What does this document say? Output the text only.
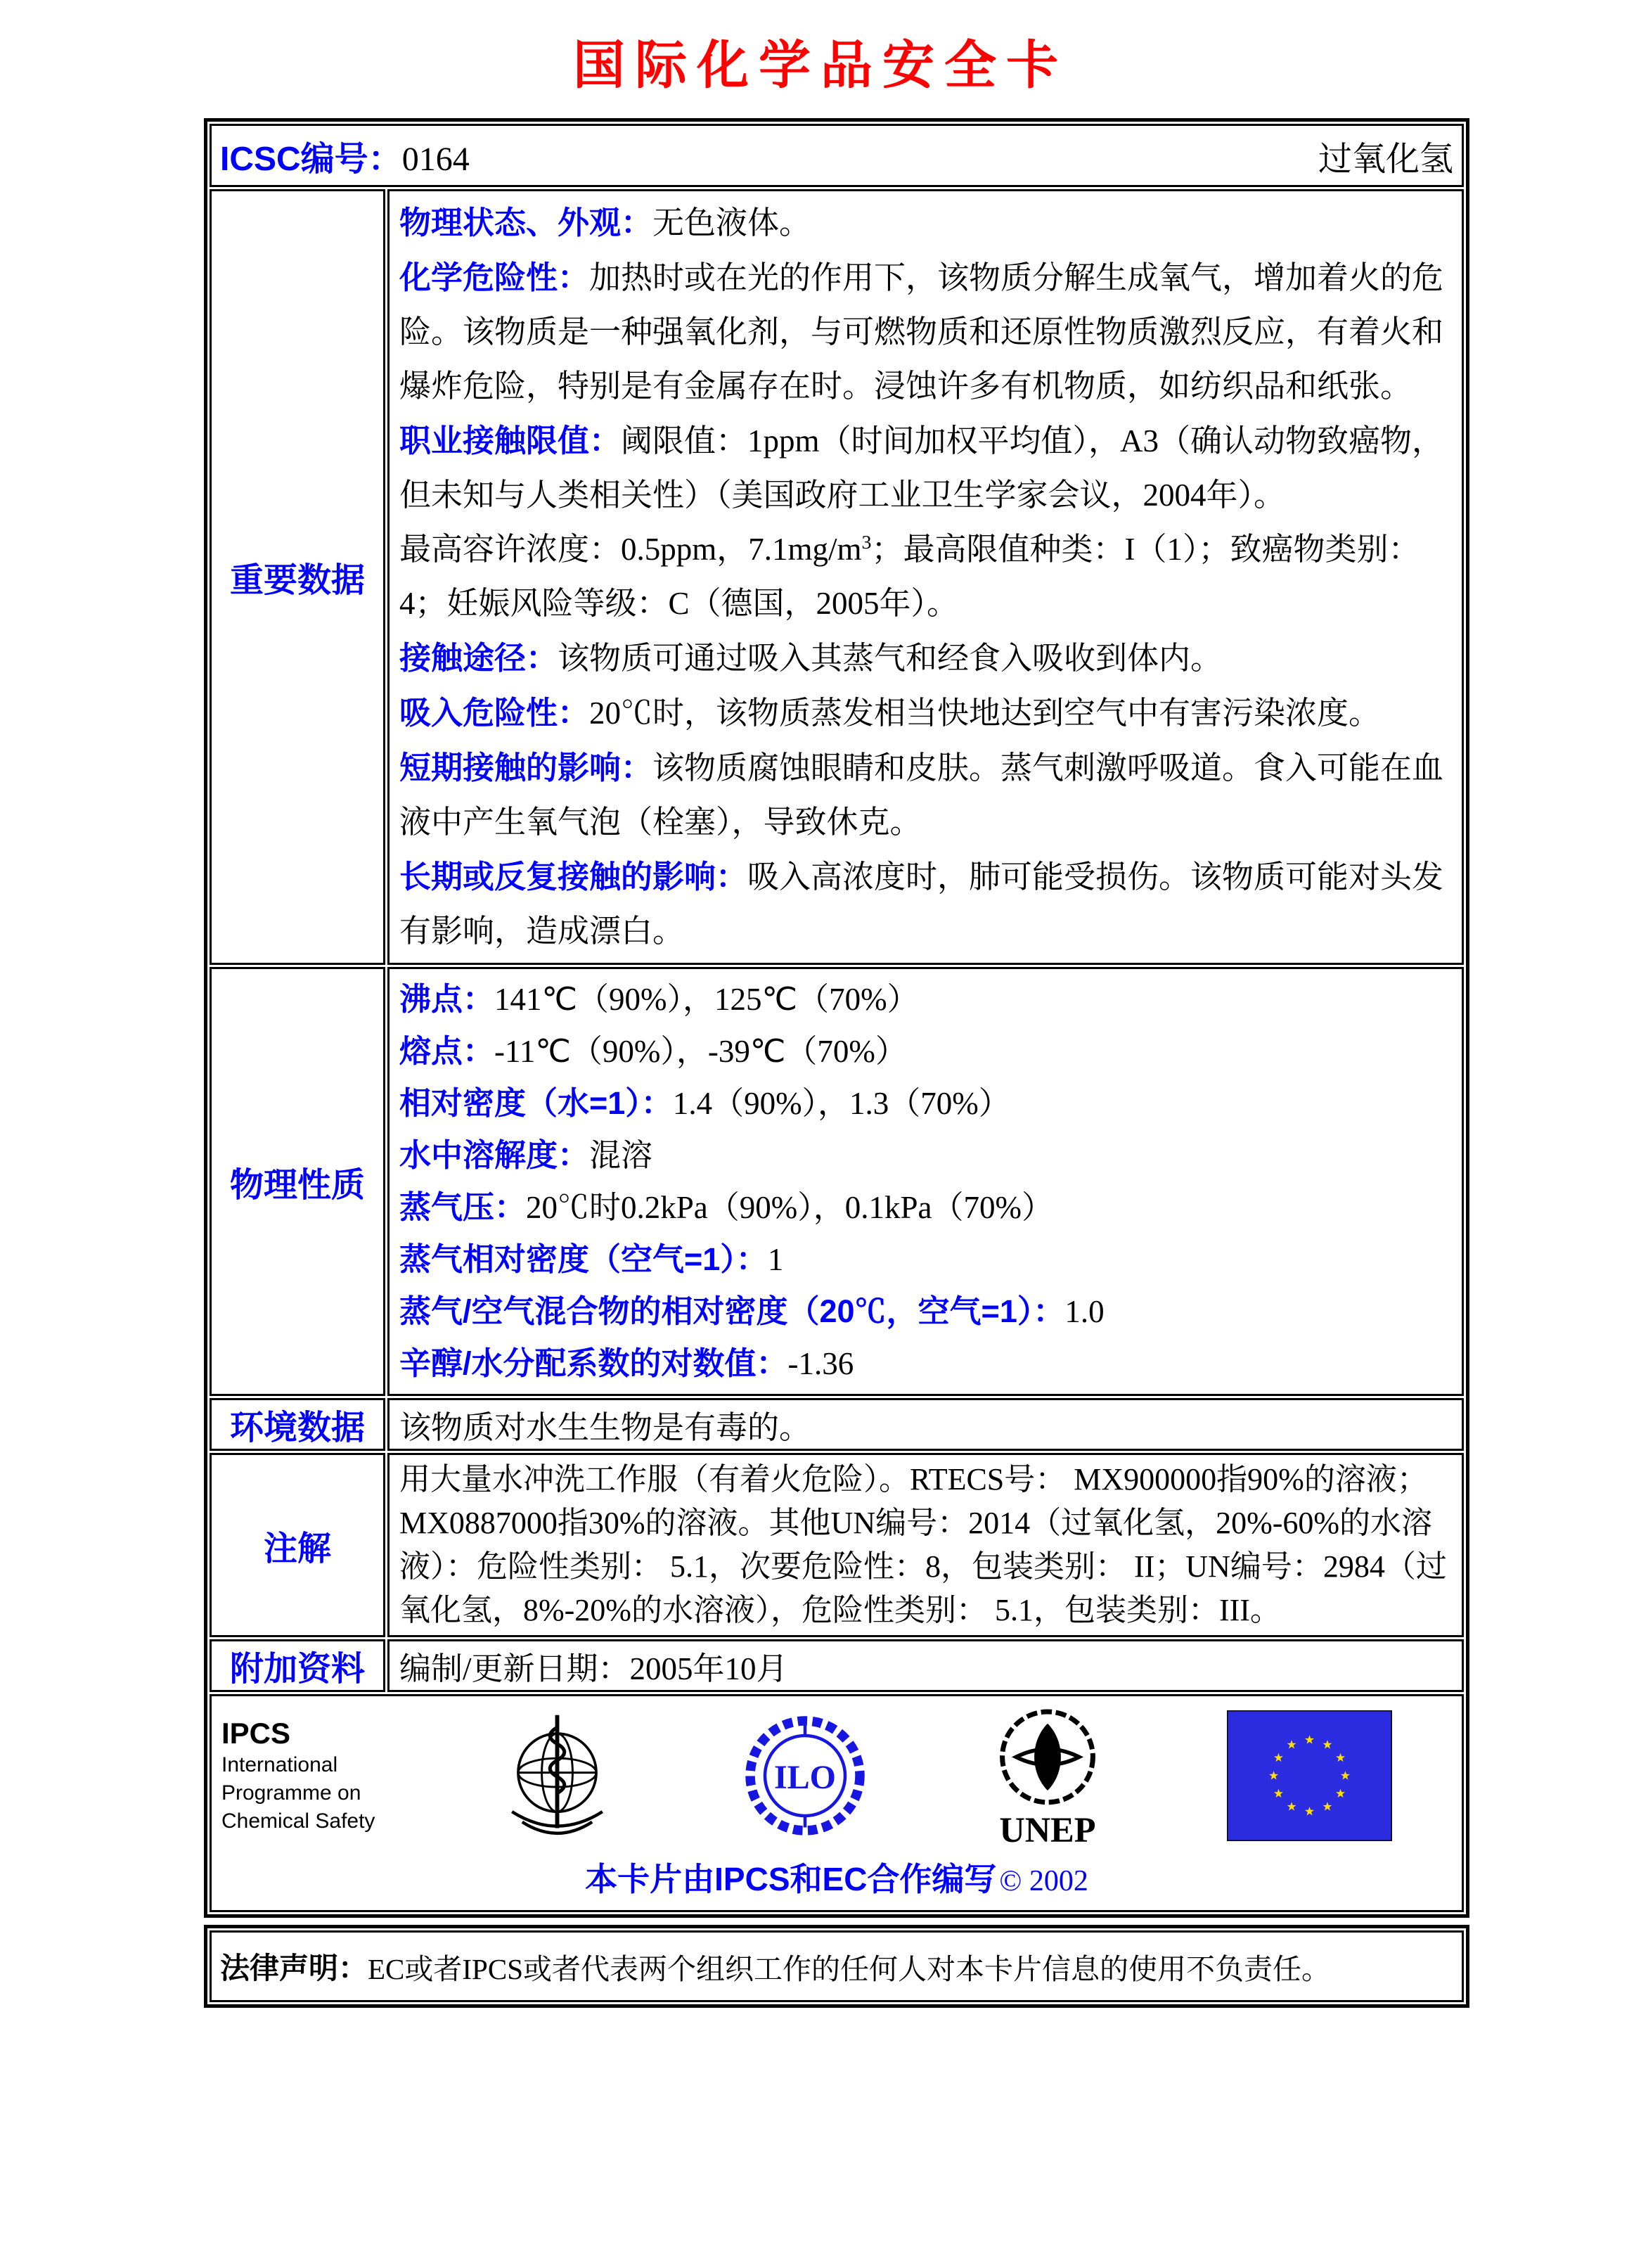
国际化学品安全卡
ICSC编号：0164	过氧化氢
重要数据

物理状态、外观：无色液体。

化学危险性：加热时或在光的作用下，该物质分解生成氧气，增加着火的危险。该物质是一种强氧化剂，与可燃物质和还原性物质激烈反应，有着火和爆炸危险，特别是有金属存在时。浸蚀许多有机物质，如纺织品和纸张。

职业接触限值：阈限值：1ppm（时间加权平均值），A3（确认动物致癌物，但未知与人类相关性）（美国政府工业卫生学家会议，2004年）。

最高容许浓度：0.5ppm，$7.1mg/m^3$；最高限值种类：I（1）；致癌物类别：4；妊娠风险等级：C（德国，2005年）。

接触途径：该物质可通过吸入其蒸气和经食入吸收到体内。

吸入危险性：20℃时，该物质蒸发相当快地达到空气中有害污染浓度。

短期接触的影响：该物质腐蚀眼睛和皮肤。蒸气刺激呼吸道。食入可能在血液中产生氧气泡（栓塞），导致休克。

长期或反复接触的影响：吸入高浓度时，肺可能受损伤。该物质可能对头发有影响，造成漂白。

物理性质

沸点：141℃（90%），125℃（70%）

熔点：-11℃（90%），-39℃（70%）

相对密度（水=1）：1.4（90%），1.3（70%）

水中溶解度：混溶

蒸气压：20℃时0.2kPa（90%），0.1kPa（70%）

蒸气相对密度（空气=1）：1

蒸气/空气混合物的相对密度（20℃，空气=1）：1.0

辛醇/水分配系数的对数值：-1.36

环境数据 该物质对水生生物是有毒的。
注解
用大量水冲洗工作服（有着火危险）。RTECS号： MX900000指90%的溶液；MX0887000指30%的溶液。其他UN编号：2014（过氧化氢，20%-60%的水溶液）：危险性类别： 5.1，次要危险性：8，包装类别： II；UN编号：2984（过氧化氢，8%-20%的水溶液），危险性类别： 5.1，包装类别：III。
附加资料 编制/更新日期：2005年10月
IPCS
International
Programme on
Chemical Safety
ILO
UNEP
本卡片由IPCS和EC合作编写 © 2002
法律声明： EC或者IPCS或者代表两个组织工作的任何人对本卡片信息的使用不负责任。
